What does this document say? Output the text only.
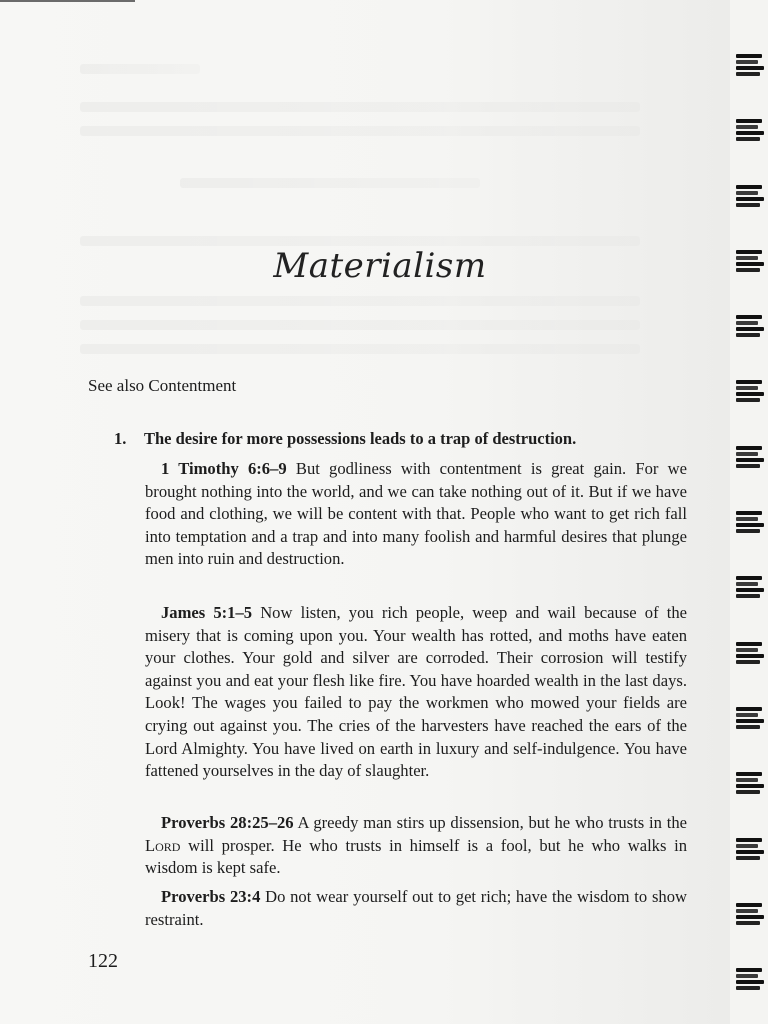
Materialism
See also Contentment
1. The desire for more possessions leads to a trap of destruction.

1 Timothy 6:6–9 But godliness with contentment is great gain. For we brought nothing into the world, and we can take nothing out of it. But if we have food and clothing, we will be content with that. People who want to get rich fall into temptation and a trap and into many foolish and harmful desires that plunge men into ruin and destruction.

James 5:1–5 Now listen, you rich people, weep and wail because of the misery that is coming upon you. Your wealth has rotted, and moths have eaten your clothes. Your gold and silver are corroded. Their corrosion will testify against you and eat your flesh like fire. You have hoarded wealth in the last days. Look! The wages you failed to pay the workmen who mowed your fields are crying out against you. The cries of the harvesters have reached the ears of the Lord Almighty. You have lived on earth in luxury and self-indulgence. You have fattened yourselves in the day of slaughter.

Proverbs 28:25–26 A greedy man stirs up dissension, but he who trusts in the Lord will prosper. He who trusts in himself is a fool, but he who walks in wisdom is kept safe.

Proverbs 23:4 Do not wear yourself out to get rich; have the wisdom to show restraint.

122
